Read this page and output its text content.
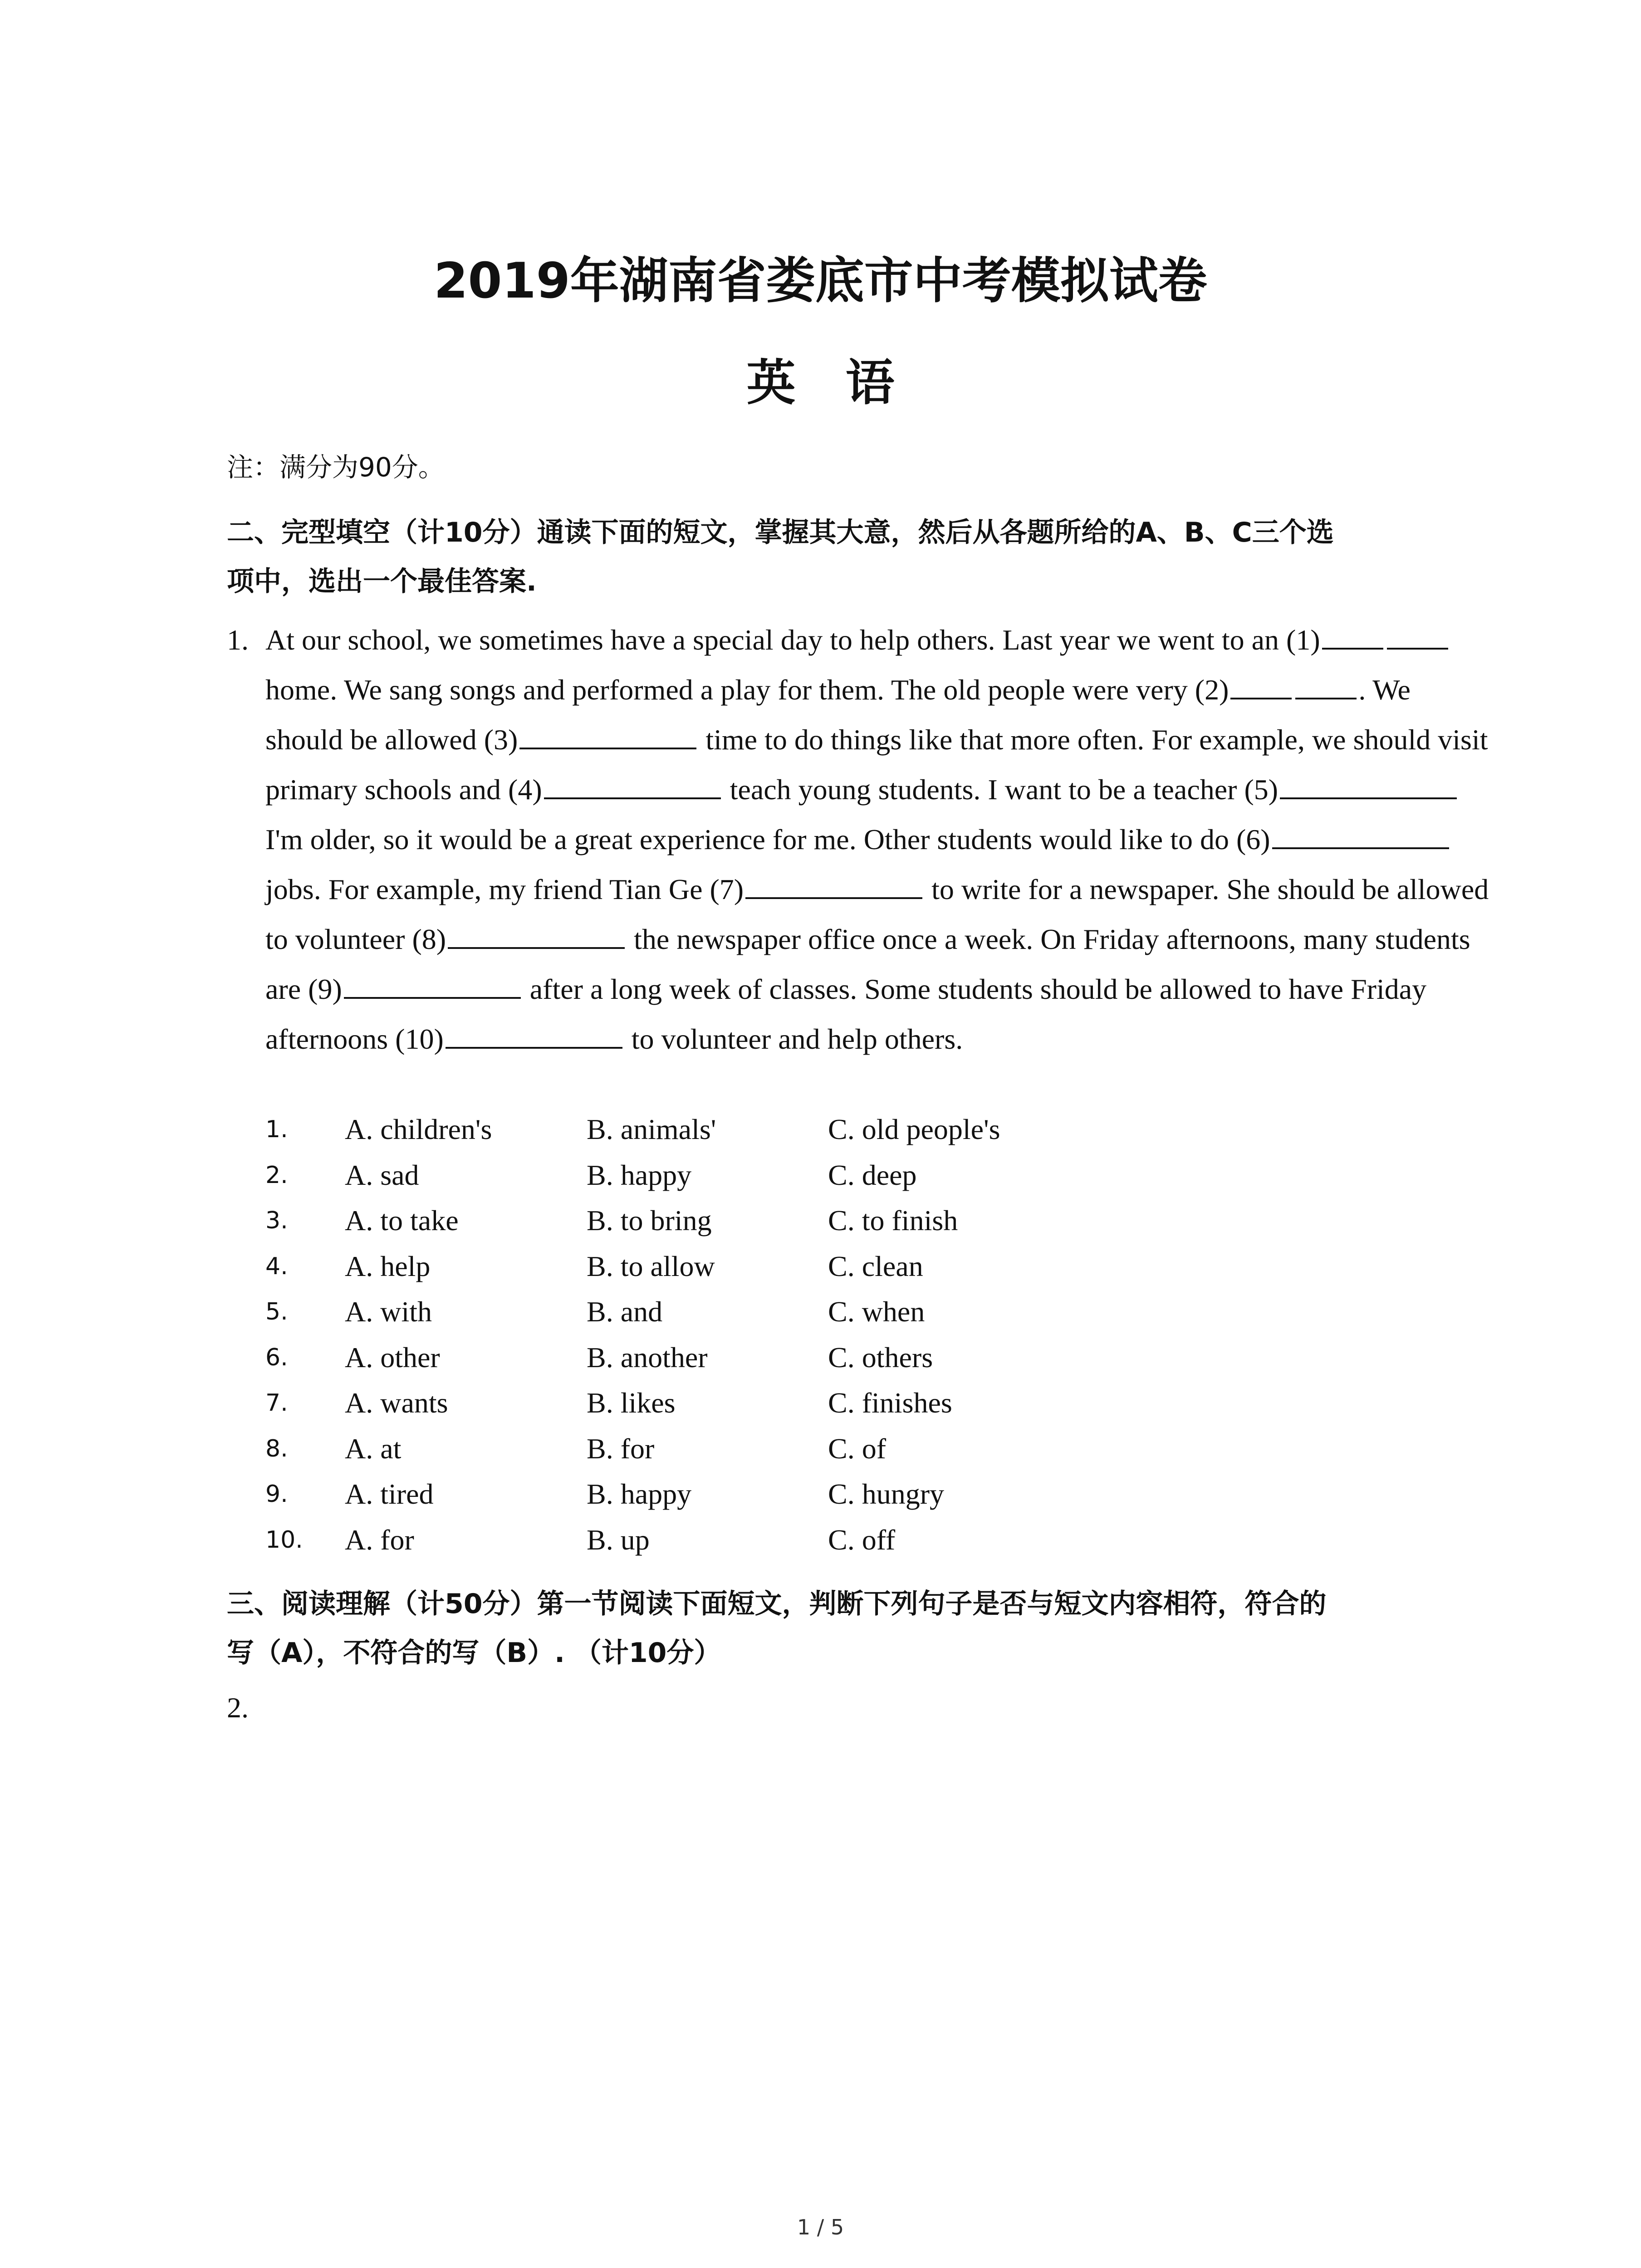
2019年湖南省娄底市中考模拟试卷
英语
注：满分为90分。
二、完型填空（计10分）通读下面的短文，掌握其大意，然后从各题所给的A、B、C三个选
项中，选出一个最佳答案.
1. At our school, we sometimes have a special day to help others. Last year we went to an (1) home. We sang songs and performed a play for them. The old people were very (2)	. We should be allowed (3)	time to do things like that more often. For example, we should visit primary schools and (4)	teach young students. I want to be a teacher (5) I'm older, so it would be a great experience for me. Other students would like to do (6) jobs. For example, my friend Tian Ge (7)	to write for a newspaper. She should be allowed to volunteer (8)	the newspaper office once a week. On Friday afternoons, many students are (9)	after a long week of classes. Some students should be allowed to have Friday afternoons (10)	to volunteer and help others.
1. A. children's	B. animals'	C. old people's
2. A. sad	B. happy	C. deep
3. A. to take	B. to bring	C. to finish
4. A. help	B. to allow	C. clean
5. A. with	B. and	C. when
6. A. other	B. another	C. others
7. A. wants	B. likes	C. finishes
8. A. at	B. for	C. of
9. A. tired	B. happy	C. hungry
10. A. for	B. up	C. off
三、阅读理解（计50分）第一节阅读下面短文，判断下列句子是否与短文内容相符，符合的
写（A），不符合的写（B）. （计10分）
2.
1 / 5
